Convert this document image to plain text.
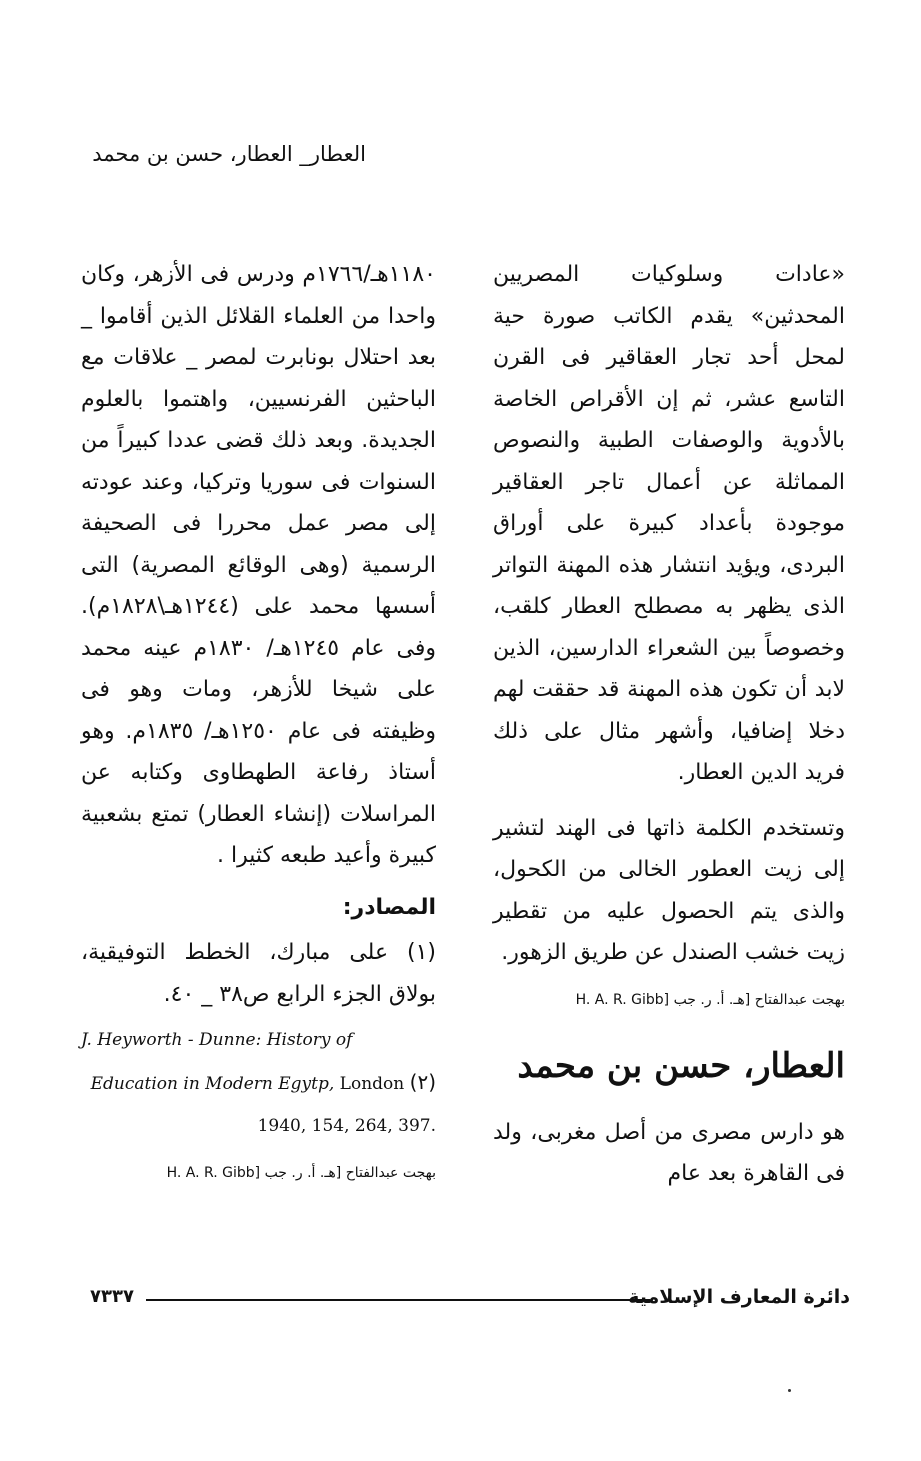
العطار_ العطار، حسن بن محمد

«عادات وسلوكيات المصريين المحدثين» يقدم الكاتب صورة حية لمحل أحد تجار العقاقير فى القرن التاسع عشر، ثم إن الأقراص الخاصة بالأدوية والوصفات الطبية والنصوص المماثلة عن أعمال تاجر العقاقير موجودة بأعداد كبيرة على أوراق البردى، ويؤيد انتشار هذه المهنة التواتر الذى يظهر به مصطلح العطار كلقب، وخصوصاً بين الشعراء الدارسين، الذين لابد أن تكون هذه المهنة قد حققت لهم دخلا إضافيا، وأشهر مثال على ذلك فريد الدين العطار.

وتستخدم الكلمة ذاتها فى الهند لتشير إلى زيت العطور الخالى من الكحول، والذى يتم الحصول عليه من تقطير زيت خشب الصندل عن طريق الزهور.

بهجت عبدالفتاح [هـ. أ. ر. جب H. A. R. Gibb]
العطار، حسن بن محمد

هو دارس مصرى من أصل مغربى، ولد فى القاهرة بعد عام

١١٨٠هـ/١٧٦٦م ودرس فى الأزهر، وكان واحدا من العلماء القلائل الذين أقاموا _ بعد احتلال بونابرت لمصر _ علاقات مع الباحثين الفرنسيين، واهتموا بالعلوم الجديدة. وبعد ذلك قضى عددا كبيراً من السنوات فى سوريا وتركيا، وعند عودته إلى مصر عمل محررا فى الصحيفة الرسمية (وهى الوقائع المصرية) التى أسسها محمد على (١٢٤٤هـ\١٨٢٨م). وفى عام ١٢٤٥هـ/ ١٨٣٠م عينه محمد على شيخا للأزهر، ومات وهو فى وظيفته فى عام ١٢٥٠هـ/ ١٨٣٥م. وهو أستاذ رفاعة الطهطاوى وكتابه عن المراسلات (إنشاء العطار) تمتع بشعبية كبيرة وأعيد طبعه كثيرا .

المصادر:
(١) على مبارك، الخطط التوفيقية، بولاق الجزء الرابع ص٣٨ _ ٤٠.
J. Heyworth - Dunne: History of Education in Modern Egytp, London (٢)
1940, 154, 264, 397.
بهجت عبدالفتاح [هـ. أ. ر. جب H. A. R. Gibb]
٧٣٣٧	دائرة المعارف الإسلامية
